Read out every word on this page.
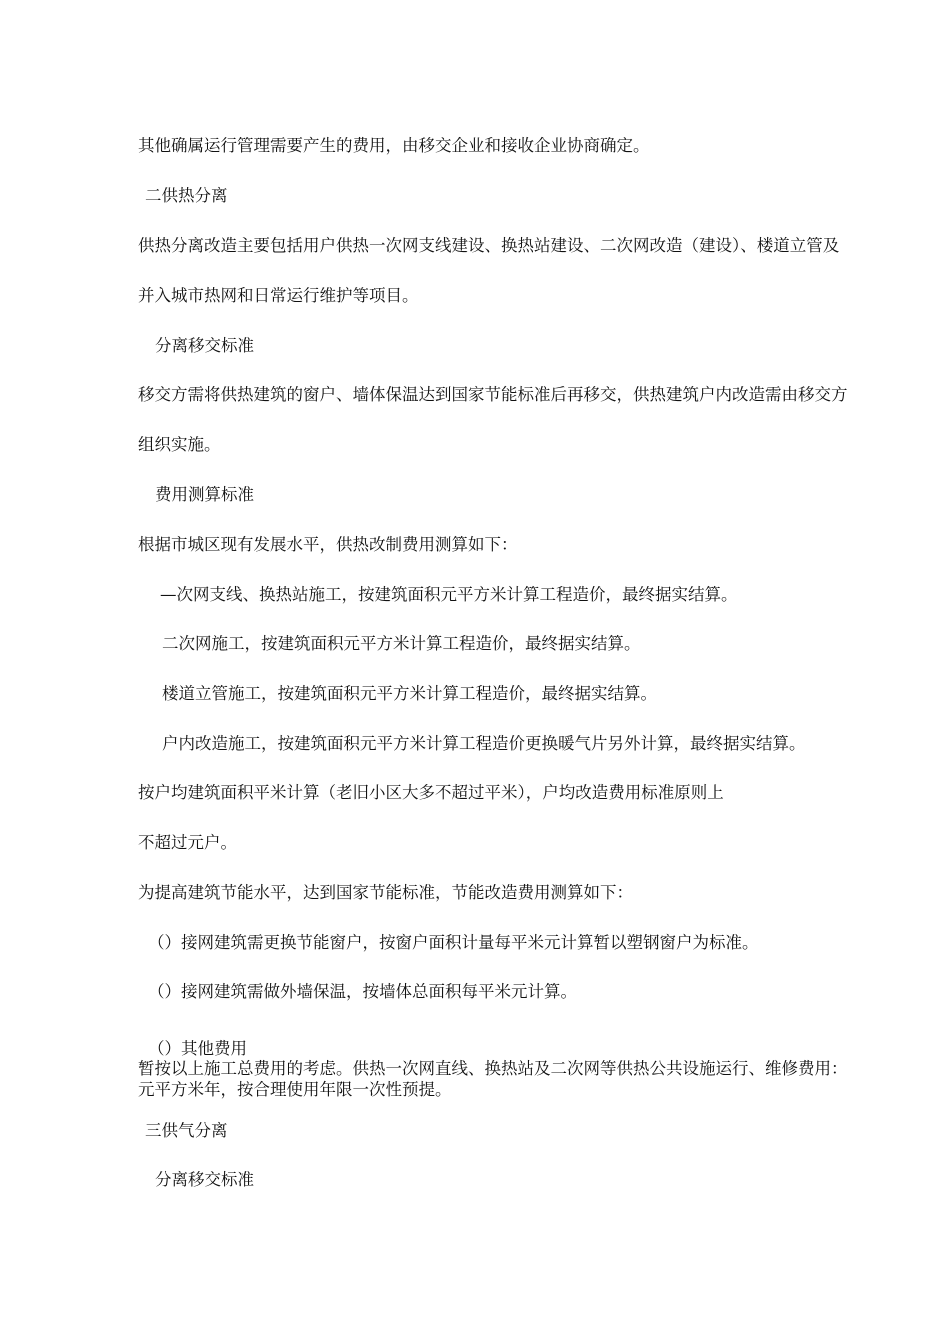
其他确属运行管理需要产生的费用，由移交企业和接收企业协商确定。
二供热分离
供热分离改造主要包括用户供热一次网支线建设、换热站建设、二次网改造（建设）、楼道立管及
并入城市热网和日常运行维护等项目。
分离移交标准
移交方需将供热建筑的窗户、墙体保温达到国家节能标准后再移交，供热建筑户内改造需由移交方
组织实施。
费用测算标准
根据市城区现有发展水平，供热改制费用测算如下：
—次网支线、换热站施工，按建筑面积元平方米计算工程造价，最终据实结算。
二次网施工，按建筑面积元平方米计算工程造价，最终据实结算。
楼道立管施工，按建筑面积元平方米计算工程造价，最终据实结算。
户内改造施工，按建筑面积元平方米计算工程造价更换暖气片另外计算，最终据实结算。
按户均建筑面积平米计算（老旧小区大多不超过平米），户均改造费用标准原则上
不超过元户。
为提高建筑节能水平，达到国家节能标准，节能改造费用测算如下：
（）接网建筑需更换节能窗户，按窗户面积计量每平米元计算暂以塑钢窗户为标准。
（）接网建筑需做外墙保温，按墙体总面积每平米元计算。
（）其他费用
暂按以上施工总费用的考虑。供热一次网直线、换热站及二次网等供热公共设施运行、维修费用：
元平方米年，按合理使用年限一次性预提。
三供气分离
分离移交标准
